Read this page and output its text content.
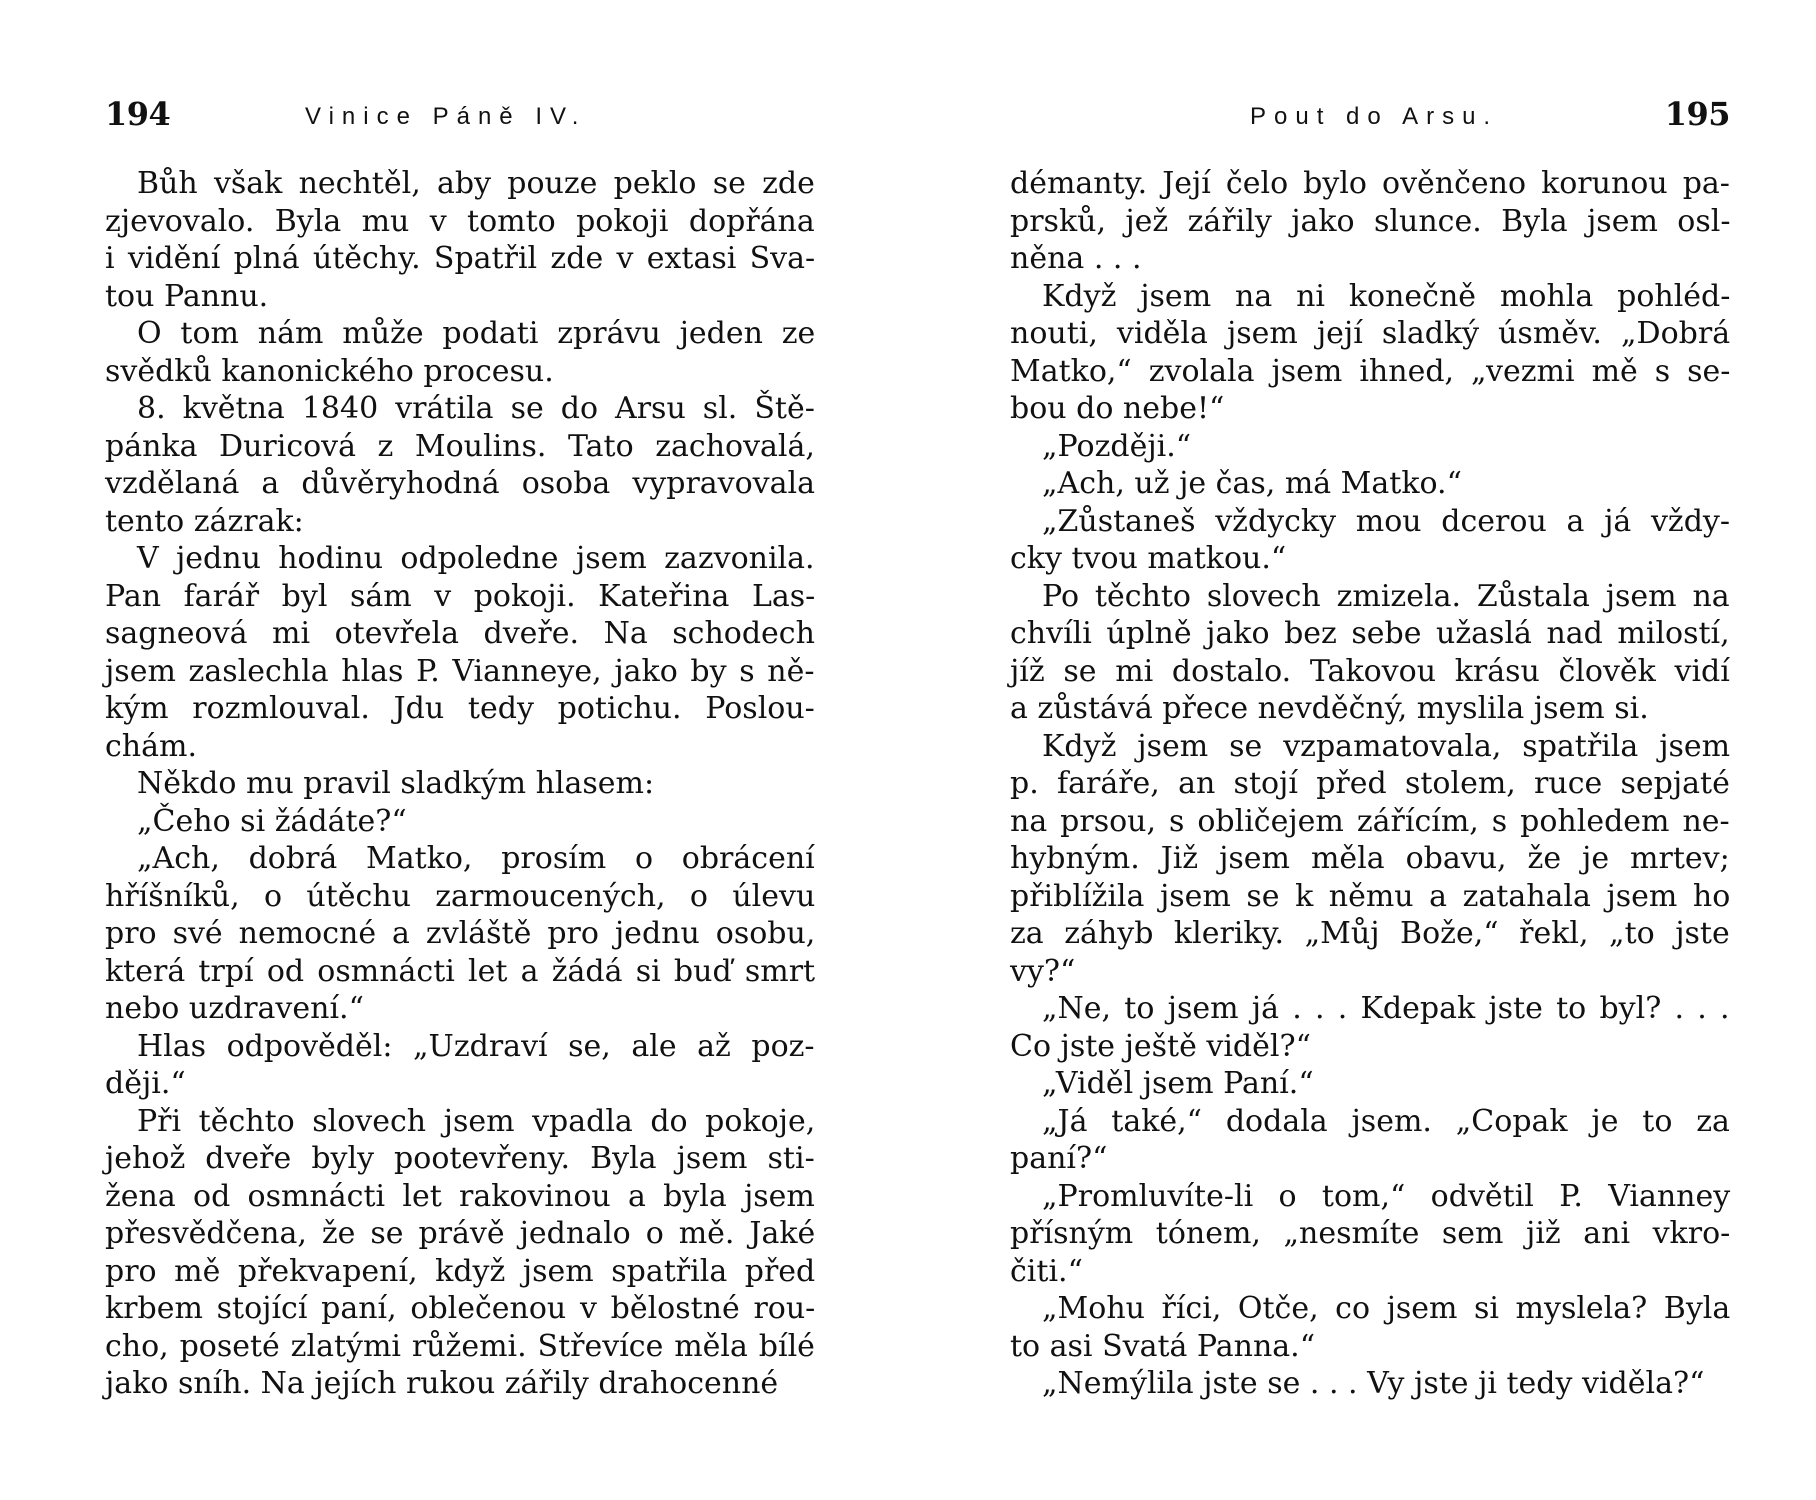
194	Vinice Páně IV.
Bůh však nechtěl, aby pouze peklo se zde
zjevovalo. Byla mu v tomto pokoji dopřána
i vidění plná útěchy. Spatřil zde v extasi Sva-
tou Pannu.
O tom nám může podati zprávu jeden ze
svědků kanonického procesu.
8. května 1840 vrátila se do Arsu sl. Ště-
pánka Duricová z Moulins. Tato zachovalá,
vzdělaná a důvěryhodná osoba vypravovala
tento zázrak:
V jednu hodinu odpoledne jsem zazvonila.
Pan farář byl sám v pokoji. Kateřina Las-
sagneová mi otevřela dveře. Na schodech
jsem zaslechla hlas P. Vianneye, jako by s ně-
kým rozmlouval. Jdu tedy potichu. Poslou-
chám.
Někdo mu pravil sladkým hlasem:
„Čeho si žádáte?“
„Ach, dobrá Matko, prosím o obrácení
hříšníků, o útěchu zarmoucených, o úlevu
pro své nemocné a zvláště pro jednu osobu,
která trpí od osmnácti let a žádá si buď smrt
nebo uzdravení.“
Hlas odpověděl: „Uzdraví se, ale až poz-
ději.“
Při těchto slovech jsem vpadla do pokoje,
jehož dveře byly pootevřeny. Byla jsem sti-
žena od osmnácti let rakovinou a byla jsem
přesvědčena, že se právě jednalo o mě. Jaké
pro mě překvapení, když jsem spatřila před
krbem stojící paní, oblečenou v bělostné rou-
cho, poseté zlatými růžemi. Střevíce měla bílé
jako sníh. Na jejích rukou zářily drahocenné
Pout do Arsu.	195
démanty. Její čelo bylo ověnčeno korunou pa-
prsků, jež zářily jako slunce. Byla jsem osl-
něna . . .
Když jsem na ni konečně mohla pohléd-
nouti, viděla jsem její sladký úsměv. „Dobrá
Matko,“ zvolala jsem ihned, „vezmi mě s se-
bou do nebe!“
„Později.“
„Ach, už je čas, má Matko.“
„Zůstaneš vždycky mou dcerou a já vždy-
cky tvou matkou.“
Po těchto slovech zmizela. Zůstala jsem na
chvíli úplně jako bez sebe užaslá nad milostí,
jíž se mi dostalo. Takovou krásu člověk vidí
a zůstává přece nevděčný, myslila jsem si.
Když jsem se vzpamatovala, spatřila jsem
p. faráře, an stojí před stolem, ruce sepjaté
na prsou, s obličejem zářícím, s pohledem ne-
hybným. Již jsem měla obavu, že je mrtev;
přiblížila jsem se k němu a zatahala jsem ho
za záhyb kleriky. „Můj Bože,“ řekl, „to jste
vy?“
„Ne, to jsem já . . . Kdepak jste to byl? . . .
Co jste ještě viděl?“
„Viděl jsem Paní.“
„Já také,“ dodala jsem. „Copak je to za
paní?“
„Promluvíte-li o tom,“ odvětil P. Vianney
přísným tónem, „nesmíte sem již ani vkro-
čiti.“
„Mohu říci, Otče, co jsem si myslela? Byla
to asi Svatá Panna.“
„Nemýlila jste se . . . Vy jste ji tedy viděla?“
